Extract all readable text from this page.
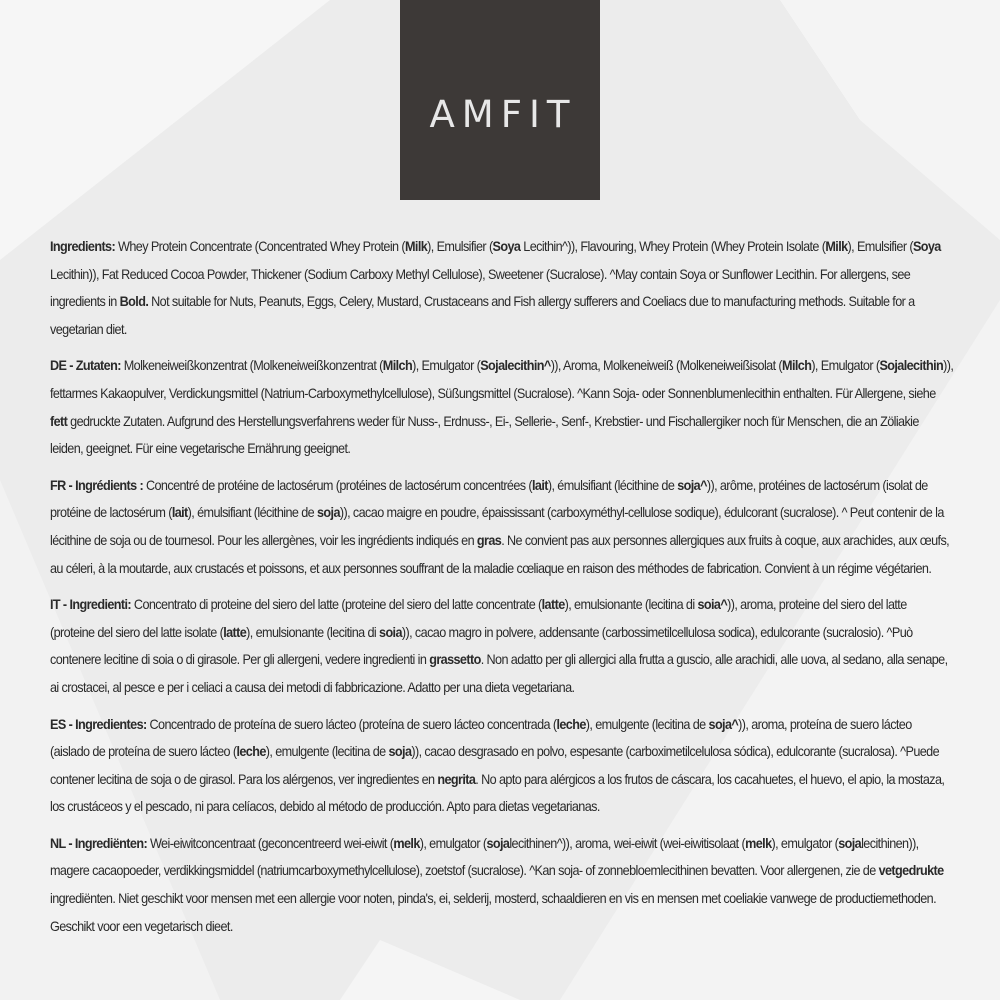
AMFIT

Ingredients: Whey Protein Concentrate (Concentrated Whey Protein (Milk), Emulsifier (Soya Lecithin^)), Flavouring, Whey Protein (Whey Protein Isolate (Milk), Emulsifier (Soya Lecithin)), Fat Reduced Cocoa Powder, Thickener (Sodium Carboxy Methyl Cellulose), Sweetener (Sucralose). ^May contain Soya or Sunflower Lecithin. For allergens, see ingredients in Bold. Not suitable for Nuts, Peanuts, Eggs, Celery, Mustard, Crustaceans and Fish allergy sufferers and Coeliacs due to manufacturing methods. Suitable for a vegetarian diet.

DE - Zutaten: Molkeneiweißkonzentrat (Molkeneiweißkonzentrat (Milch), Emulgator (Sojalecithin^)), Aroma, Molkeneiweiß (Molkeneiweißisolat (Milch), Emulgator (Sojalecithin)), fettarmes Kakaopulver, Verdickungsmittel (Natrium-Carboxymethylcellulose), Süßungsmittel (Sucralose). ^Kann Soja- oder Sonnenblumenlecithin enthalten. Für Allergene, siehe fett gedruckte Zutaten. Aufgrund des Herstellungsverfahrens weder für Nuss-, Erdnuss-, Ei-, Sellerie-, Senf-, Krebstier- und Fischallergiker noch für Menschen, die an Zöliakie leiden, geeignet. Für eine vegetarische Ernährung geeignet.

FR - Ingrédients : Concentré de protéine de lactosérum (protéines de lactosérum concentrées (lait), émulsifiant (lécithine de soja^)), arôme, protéines de lactosérum (isolat de protéine de lactosérum (lait), émulsifiant (lécithine de soja)), cacao maigre en poudre, épaississant (carboxyméthyl-cellulose sodique), édulcorant (sucralose). ^ Peut contenir de la lécithine de soja ou de tournesol. Pour les allergènes, voir les ingrédients indiqués en gras. Ne convient pas aux personnes allergiques aux fruits à coque, aux arachides, aux œufs, au céleri, à la moutarde, aux crustacés et poissons, et aux personnes souffrant de la maladie cœliaque en raison des méthodes de fabrication. Convient à un régime végétarien.

IT - Ingredienti: Concentrato di proteine del siero del latte (proteine del siero del latte concentrate (latte), emulsionante (lecitina di soia^)), aroma, proteine del siero del latte (proteine del siero del latte isolate (latte), emulsionante (lecitina di soia)), cacao magro in polvere, addensante (carbossimetilcellulosa sodica), edulcorante (sucralosio). ^Può contenere lecitine di soia o di girasole. Per gli allergeni, vedere ingredienti in grassetto. Non adatto per gli allergici alla frutta a guscio, alle arachidi, alle uova, al sedano, alla senape, ai crostacei, al pesce e per i celiaci a causa dei metodi di fabbricazione. Adatto per una dieta vegetariana.

ES - Ingredientes: Concentrado de proteína de suero lácteo (proteína de suero lácteo concentrada (leche), emulgente (lecitina de soja^)), aroma, proteína de suero lácteo (aislado de proteína de suero lácteo (leche), emulgente (lecitina de soja)), cacao desgrasado en polvo, espesante (carboximetilcelulosa sódica), edulcorante (sucralosa). ^Puede contener lecitina de soja o de girasol. Para los alérgenos, ver ingredientes en negrita. No apto para alérgicos a los frutos de cáscara, los cacahuetes, el huevo, el apio, la mostaza, los crustáceos y el pescado, ni para celíacos, debido al método de producción. Apto para dietas vegetarianas.

NL - Ingrediënten: Wei-eiwitconcentraat (geconcentreerd wei-eiwit (melk), emulgator (sojalecithinen^)), aroma, wei-eiwit (wei-eiwitisolaat (melk), emulgator (sojalecithinen)), magere cacaopoeder, verdikkingsmiddel (natriumcarboxymethylcellulose), zoetstof (sucralose). ^Kan soja- of zonnebloemlecithinen bevatten. Voor allergenen, zie de vetgedrukte ingrediënten. Niet geschikt voor mensen met een allergie voor noten, pinda's, ei, selderij, mosterd, schaaldieren en vis en mensen met coeliakie vanwege de productiemethoden. Geschikt voor een vegetarisch dieet.
